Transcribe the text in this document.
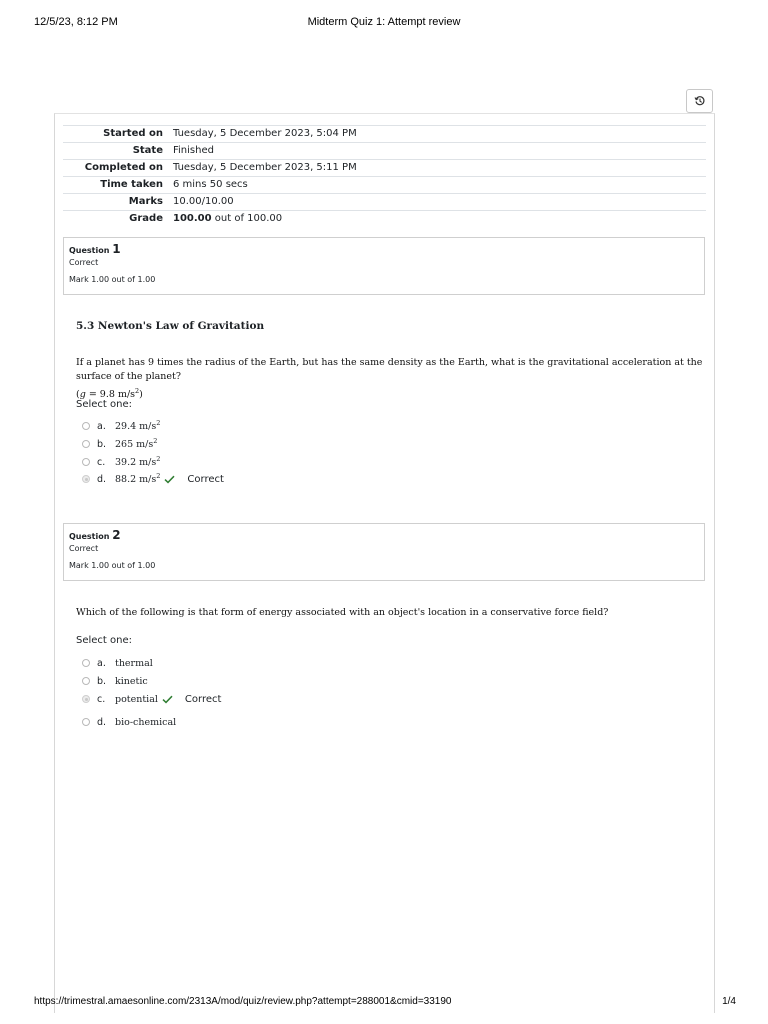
12/5/23, 8:12 PM	Midterm Quiz 1: Attempt review
Started on	Tuesday, 5 December 2023, 5:04 PM
State	Finished
Completed on	Tuesday, 5 December 2023, 5:11 PM
Time taken	6 mins 50 secs
Marks	10.00/10.00
Grade	100.00 out of 100.00
Question 1
Correct
Mark 1.00 out of 1.00
5.3 Newton's Law of Gravitation
If a planet has 9 times the radius of the Earth, but has the same density as the Earth, what is the gravitational acceleration at the surface of the planet?
(g = 9.8 $m/s^2$)
Select one:
a. 29.4 $m/s^2$
b. 265 $m/s^2$
c.	39.2 $m/s^2$
d. 88.2 $m/s^2$	Correct
Question 2
Correct
Mark 1.00 out of 1.00
Which of the following is that form of energy associated with an object's location in a conservative force field?
Select one:
a. thermal
b. kinetic
c.	potential	Correct
d. bio-chemical
https://trimestral.amaesonline.com/2313A/mod/quiz/review.php?attempt=288001&cmid=33190	1/4
